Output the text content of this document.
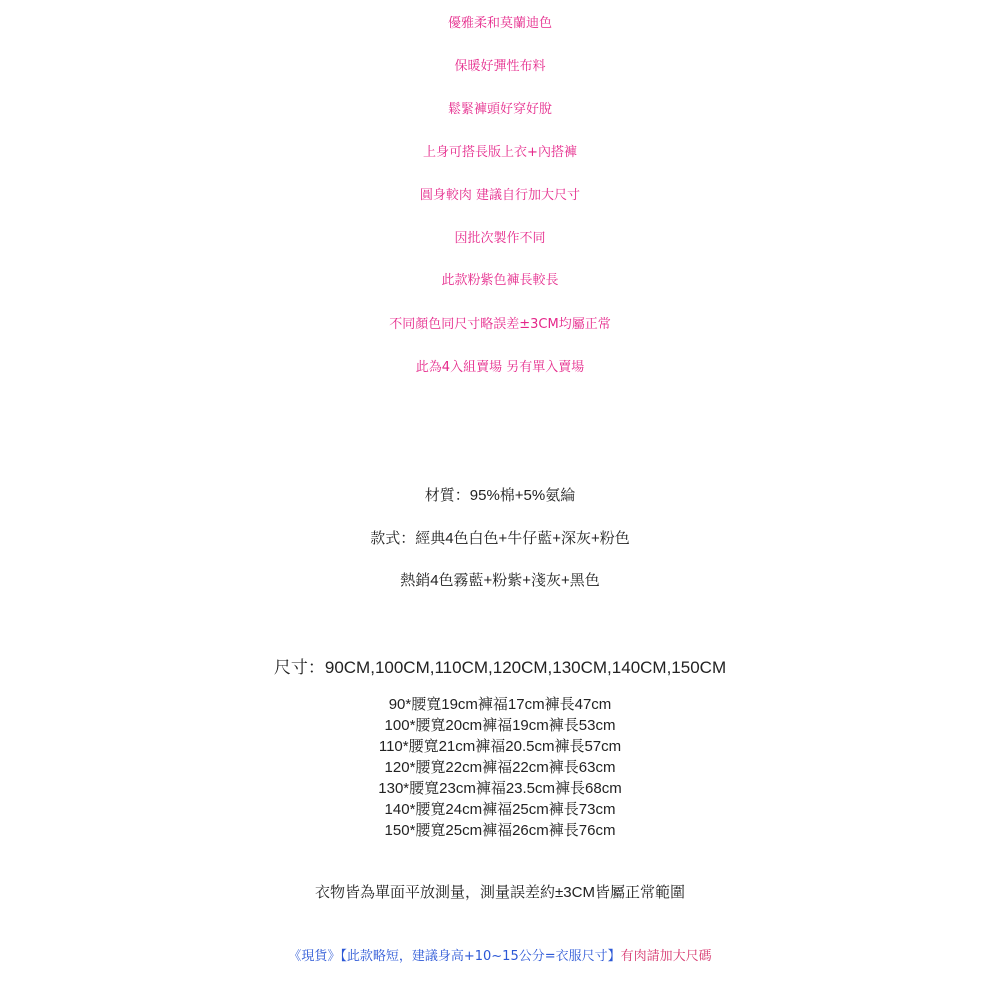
優雅柔和莫蘭迪色
保暖好彈性布料
鬆緊褲頭好穿好脫
上身可搭長版上衣+內搭褲
圓身較肉 建議自行加大尺寸
因批次製作不同
此款粉紫色褲長較長
不同顏色同尺寸略誤差±3CM均屬正常
此為4入組賣場 另有單入賣場
材質：95%棉+5%氨綸
款式：經典4色白色+牛仔藍+深灰+粉色
熱銷4色霧藍+粉紫+淺灰+黑色
尺寸：90CM,100CM,110CM,120CM,130CM,140CM,150CM
90*腰寬19cm褲福17cm褲長47cm
100*腰寬20cm褲福19cm褲長53cm
110*腰寬21cm褲福20.5cm褲長57cm
120*腰寬22cm褲福22cm褲長63cm
130*腰寬23cm褲福23.5cm褲長68cm
140*腰寬24cm褲福25cm褲長73cm
150*腰寬25cm褲福26cm褲長76cm
衣物皆為單面平放測量，測量誤差約±3CM皆屬正常範圍
《現貨》【此款略短，建議身高+10~15公分=衣服尺寸】有肉請加大尺碼
